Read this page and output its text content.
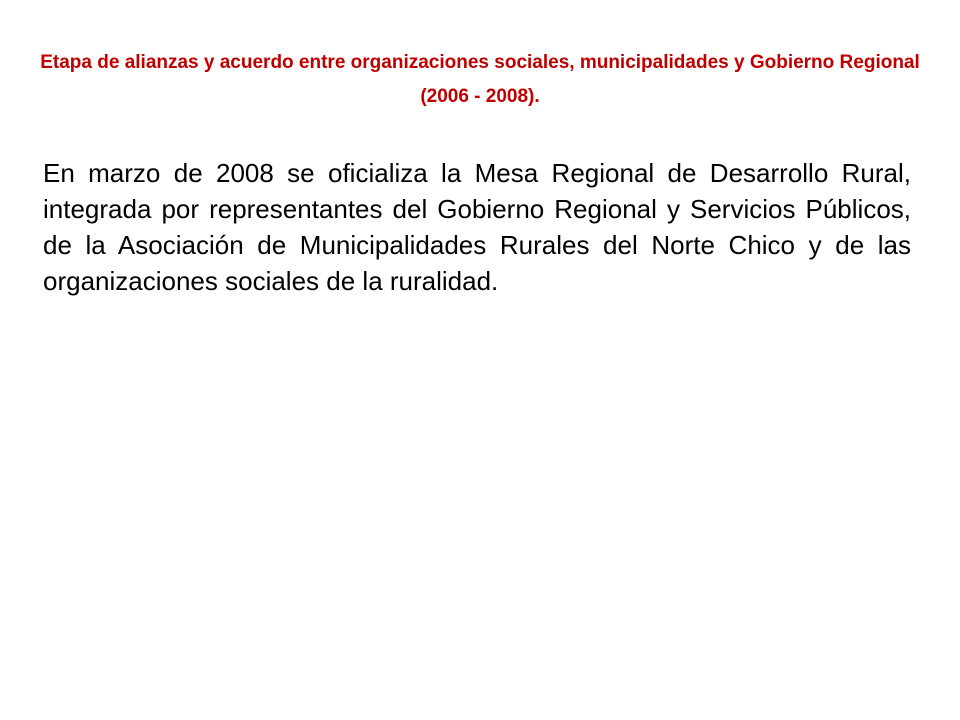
Etapa de alianzas y acuerdo entre organizaciones sociales, municipalidades y Gobierno Regional (2006 - 2008).

En marzo de 2008 se oficializa la Mesa Regional de Desarrollo Rural, integrada por representantes del Gobierno Regional y Servicios Públicos, de la Asociación de Municipalidades Rurales del Norte Chico y de las organizaciones sociales de la ruralidad.
